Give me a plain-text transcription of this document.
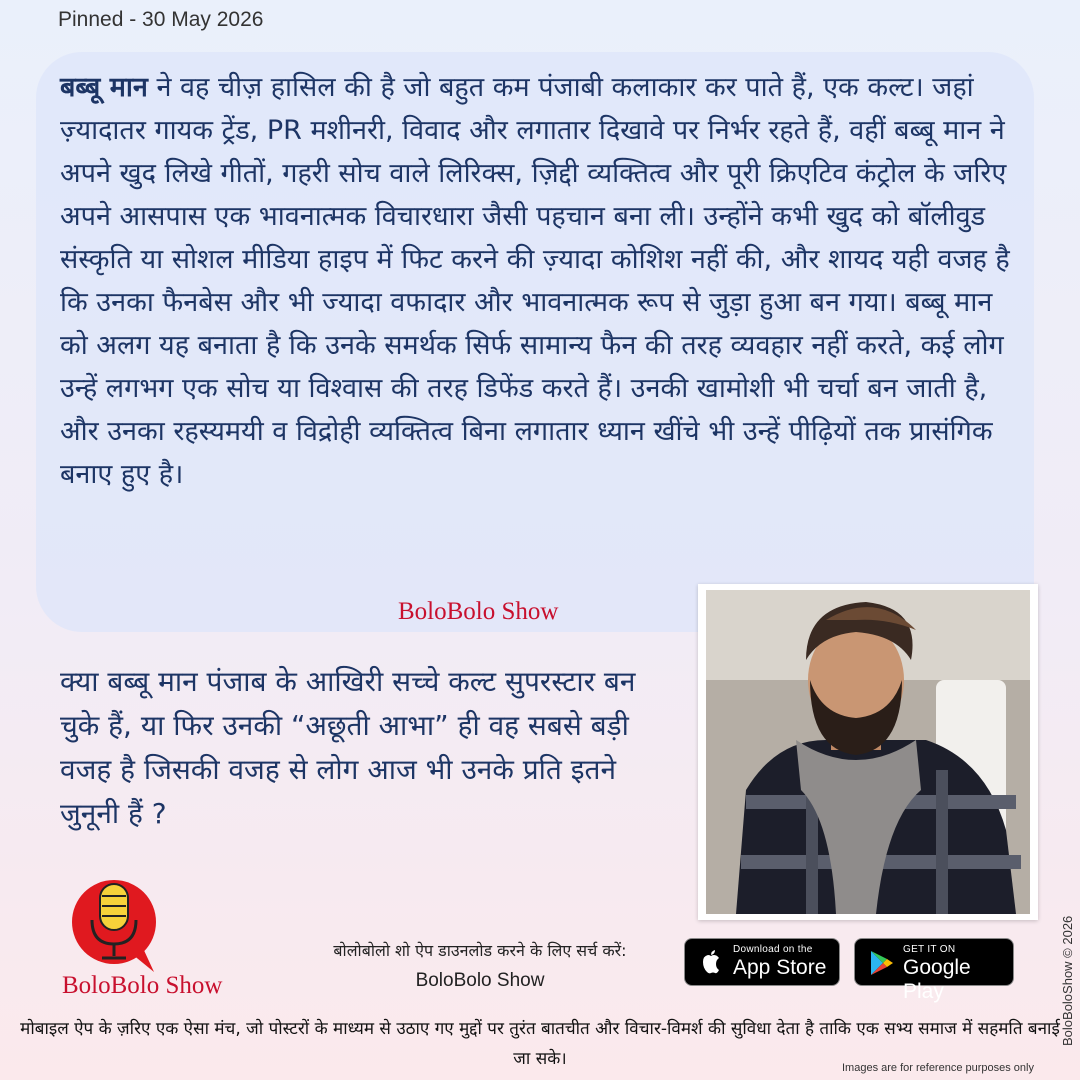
Pinned - 30 May 2026

बब्बू मान ने वह चीज़ हासिल की है जो बहुत कम पंजाबी कलाकार कर पाते हैं, एक कल्ट। जहां ज़्यादातर गायक ट्रेंड, PR मशीनरी, विवाद और लगातार दिखावे पर निर्भर रहते हैं, वहीं बब्बू मान ने अपने खुद लिखे गीतों, गहरी सोच वाले लिरिक्स, ज़िद्दी व्यक्तित्व और पूरी क्रिएटिव कंट्रोल के जरिए अपने आसपास एक भावनात्मक विचारधारा जैसी पहचान बना ली। उन्होंने कभी खुद को बॉलीवुड संस्कृति या सोशल मीडिया हाइप में फिट करने की ज़्यादा कोशिश नहीं की, और शायद यही वजह है कि उनका फैनबेस और भी ज्यादा वफादार और भावनात्मक रूप से जुड़ा हुआ बन गया। बब्बू मान को अलग यह बनाता है कि उनके समर्थक सिर्फ सामान्य फैन की तरह व्यवहार नहीं करते, कई लोग उन्हें लगभग एक सोच या विश्वास की तरह डिफेंड करते हैं। उनकी खामोशी भी चर्चा बन जाती है, और उनका रहस्यमयी व विद्रोही व्यक्तित्व बिना लगातार ध्यान खींचे भी उन्हें पीढ़ियों तक प्रासंगिक बनाए हुए है।

BoloBolo Show

क्या बब्बू मान पंजाब के आखिरी सच्चे कल्ट सुपरस्टार बन चुके हैं, या फिर उनकी “अछूती आभा” ही वह सबसे बड़ी वजह है जिसकी वजह से लोग आज भी उनके प्रति इतने जुनूनी हैं ?

BoloBolo Show
बोलोबोलो शो ऐप डाउनलोड करने के लिए सर्च करें:
BoloBolo Show
Download on the
App Store
GET IT ON
Google Play
मोबाइल ऐप के ज़रिए एक ऐसा मंच, जो पोस्टरों के माध्यम से उठाए गए मुद्दों पर तुरंत बातचीत और विचार-विमर्श की सुविधा देता है ताकि एक सभ्य समाज में सहमति बनाई जा सके।
BoloBoloShow © 2026
Images are for reference purposes only
